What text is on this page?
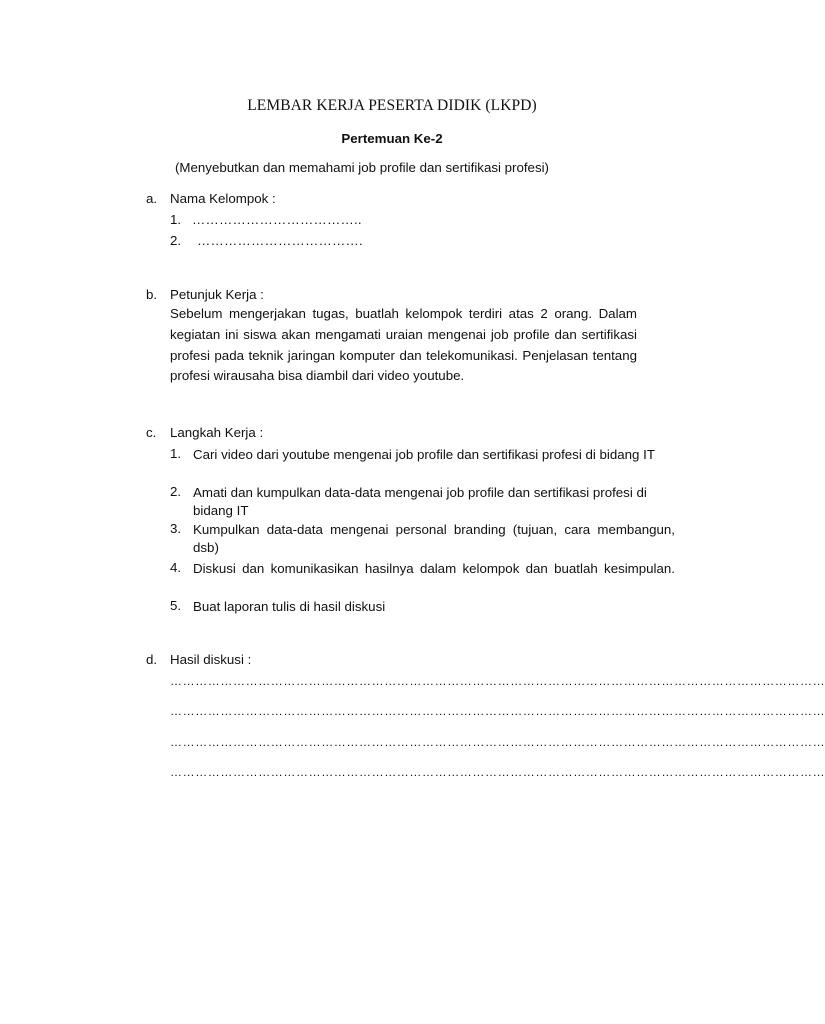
LEMBAR KERJA PESERTA DIDIK (LKPD)
Pertemuan Ke-2
(Menyebutkan dan memahami job profile dan sertifikasi profesi)
a. Nama Kelompok :
1. ………………………………..
2. ……………………………….
b. Petunjuk Kerja :
Sebelum mengerjakan tugas, buatlah kelompok terdiri atas 2 orang. Dalam kegiatan ini siswa akan mengamati uraian mengenai job profile dan sertifikasi profesi pada teknik jaringan komputer dan telekomunikasi. Penjelasan tentang profesi wirausaha bisa diambil dari video youtube.
c. Langkah Kerja :
1. Cari video dari youtube mengenai job profile dan sertifikasi profesi di bidang IT
2. Amati dan kumpulkan data-data mengenai job profile dan sertifikasi profesi di bidang IT
3. Kumpulkan data-data mengenai personal branding (tujuan, cara membangun, dsb)
4. Diskusi dan komunikasikan hasilnya dalam kelompok dan buatlah kesimpulan.
5. Buat laporan tulis di hasil diskusi
d. Hasil diskusi :
…………………………………………………………………………………………………………………………………………
…………………………………………………………………………………………………………………………………………
…………………………………………………………………………………………………………………………………………
…………………………………………………………………………………………………………………………………………
